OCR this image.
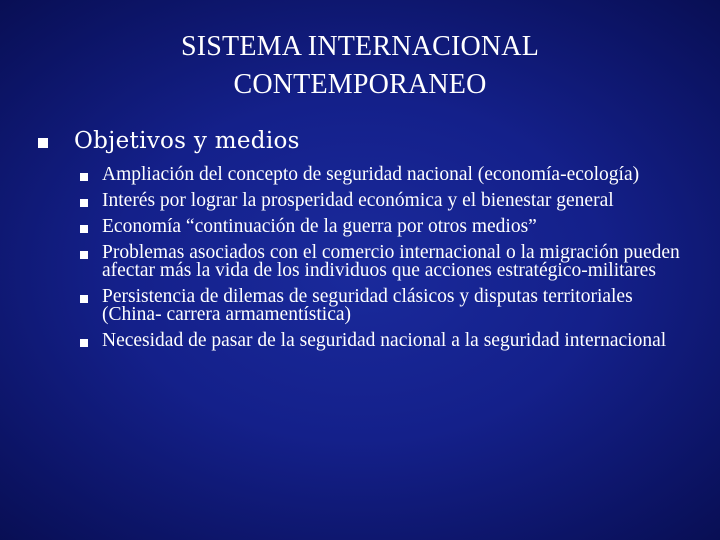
SISTEMA INTERNACIONAL
CONTEMPORANEO
Objetivos y medios
Ampliación del concepto de seguridad nacional (economía-ecología)
Interés por lograr la prosperidad económica y el bienestar general
Economía “continuación de la guerra por otros medios”
Problemas asociados con el comercio internacional o la migración pueden afectar más la vida de los individuos que acciones estratégico-militares
Persistencia de dilemas de seguridad clásicos y disputas territoriales (China- carrera armamentística)
Necesidad de pasar de la seguridad nacional a la seguridad internacional
